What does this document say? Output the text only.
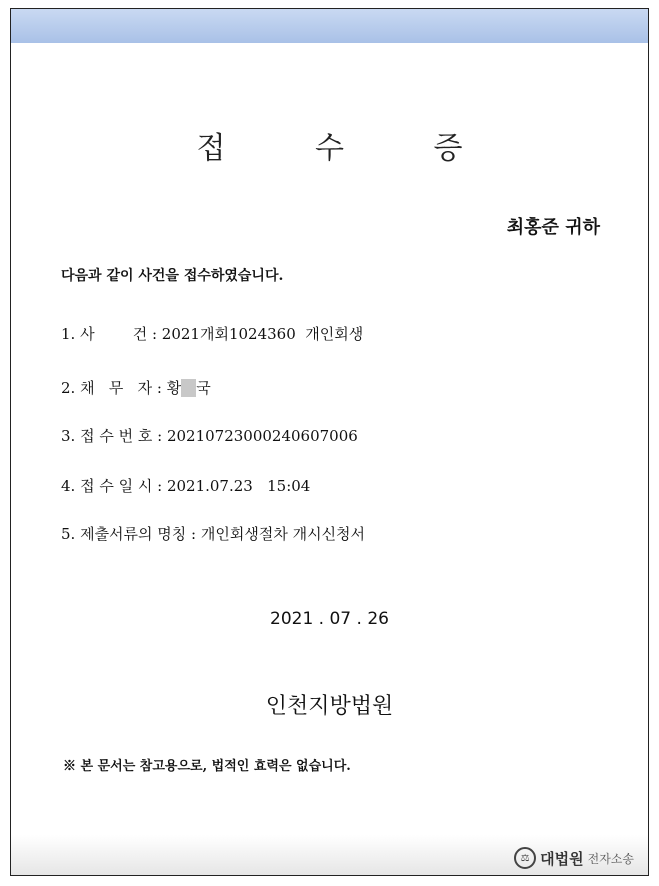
접 수 증
최홍준 귀하
다음과 같이 사건을 접수하였습니다.
1. 사        건 : 2021개회1024360  개인회생
2. 채   무   자 : 황 국
3. 접 수 번 호 : 20210723000240607006
4. 접 수 일 시 : 2021.07.23   15:04
5. 제출서류의 명칭 : 개인회생절차 개시신청서
2021 . 07 . 26
인천지방법원
※ 본 문서는 참고용으로, 법적인 효력은 없습니다.
⚖ 대법원 전자소송
